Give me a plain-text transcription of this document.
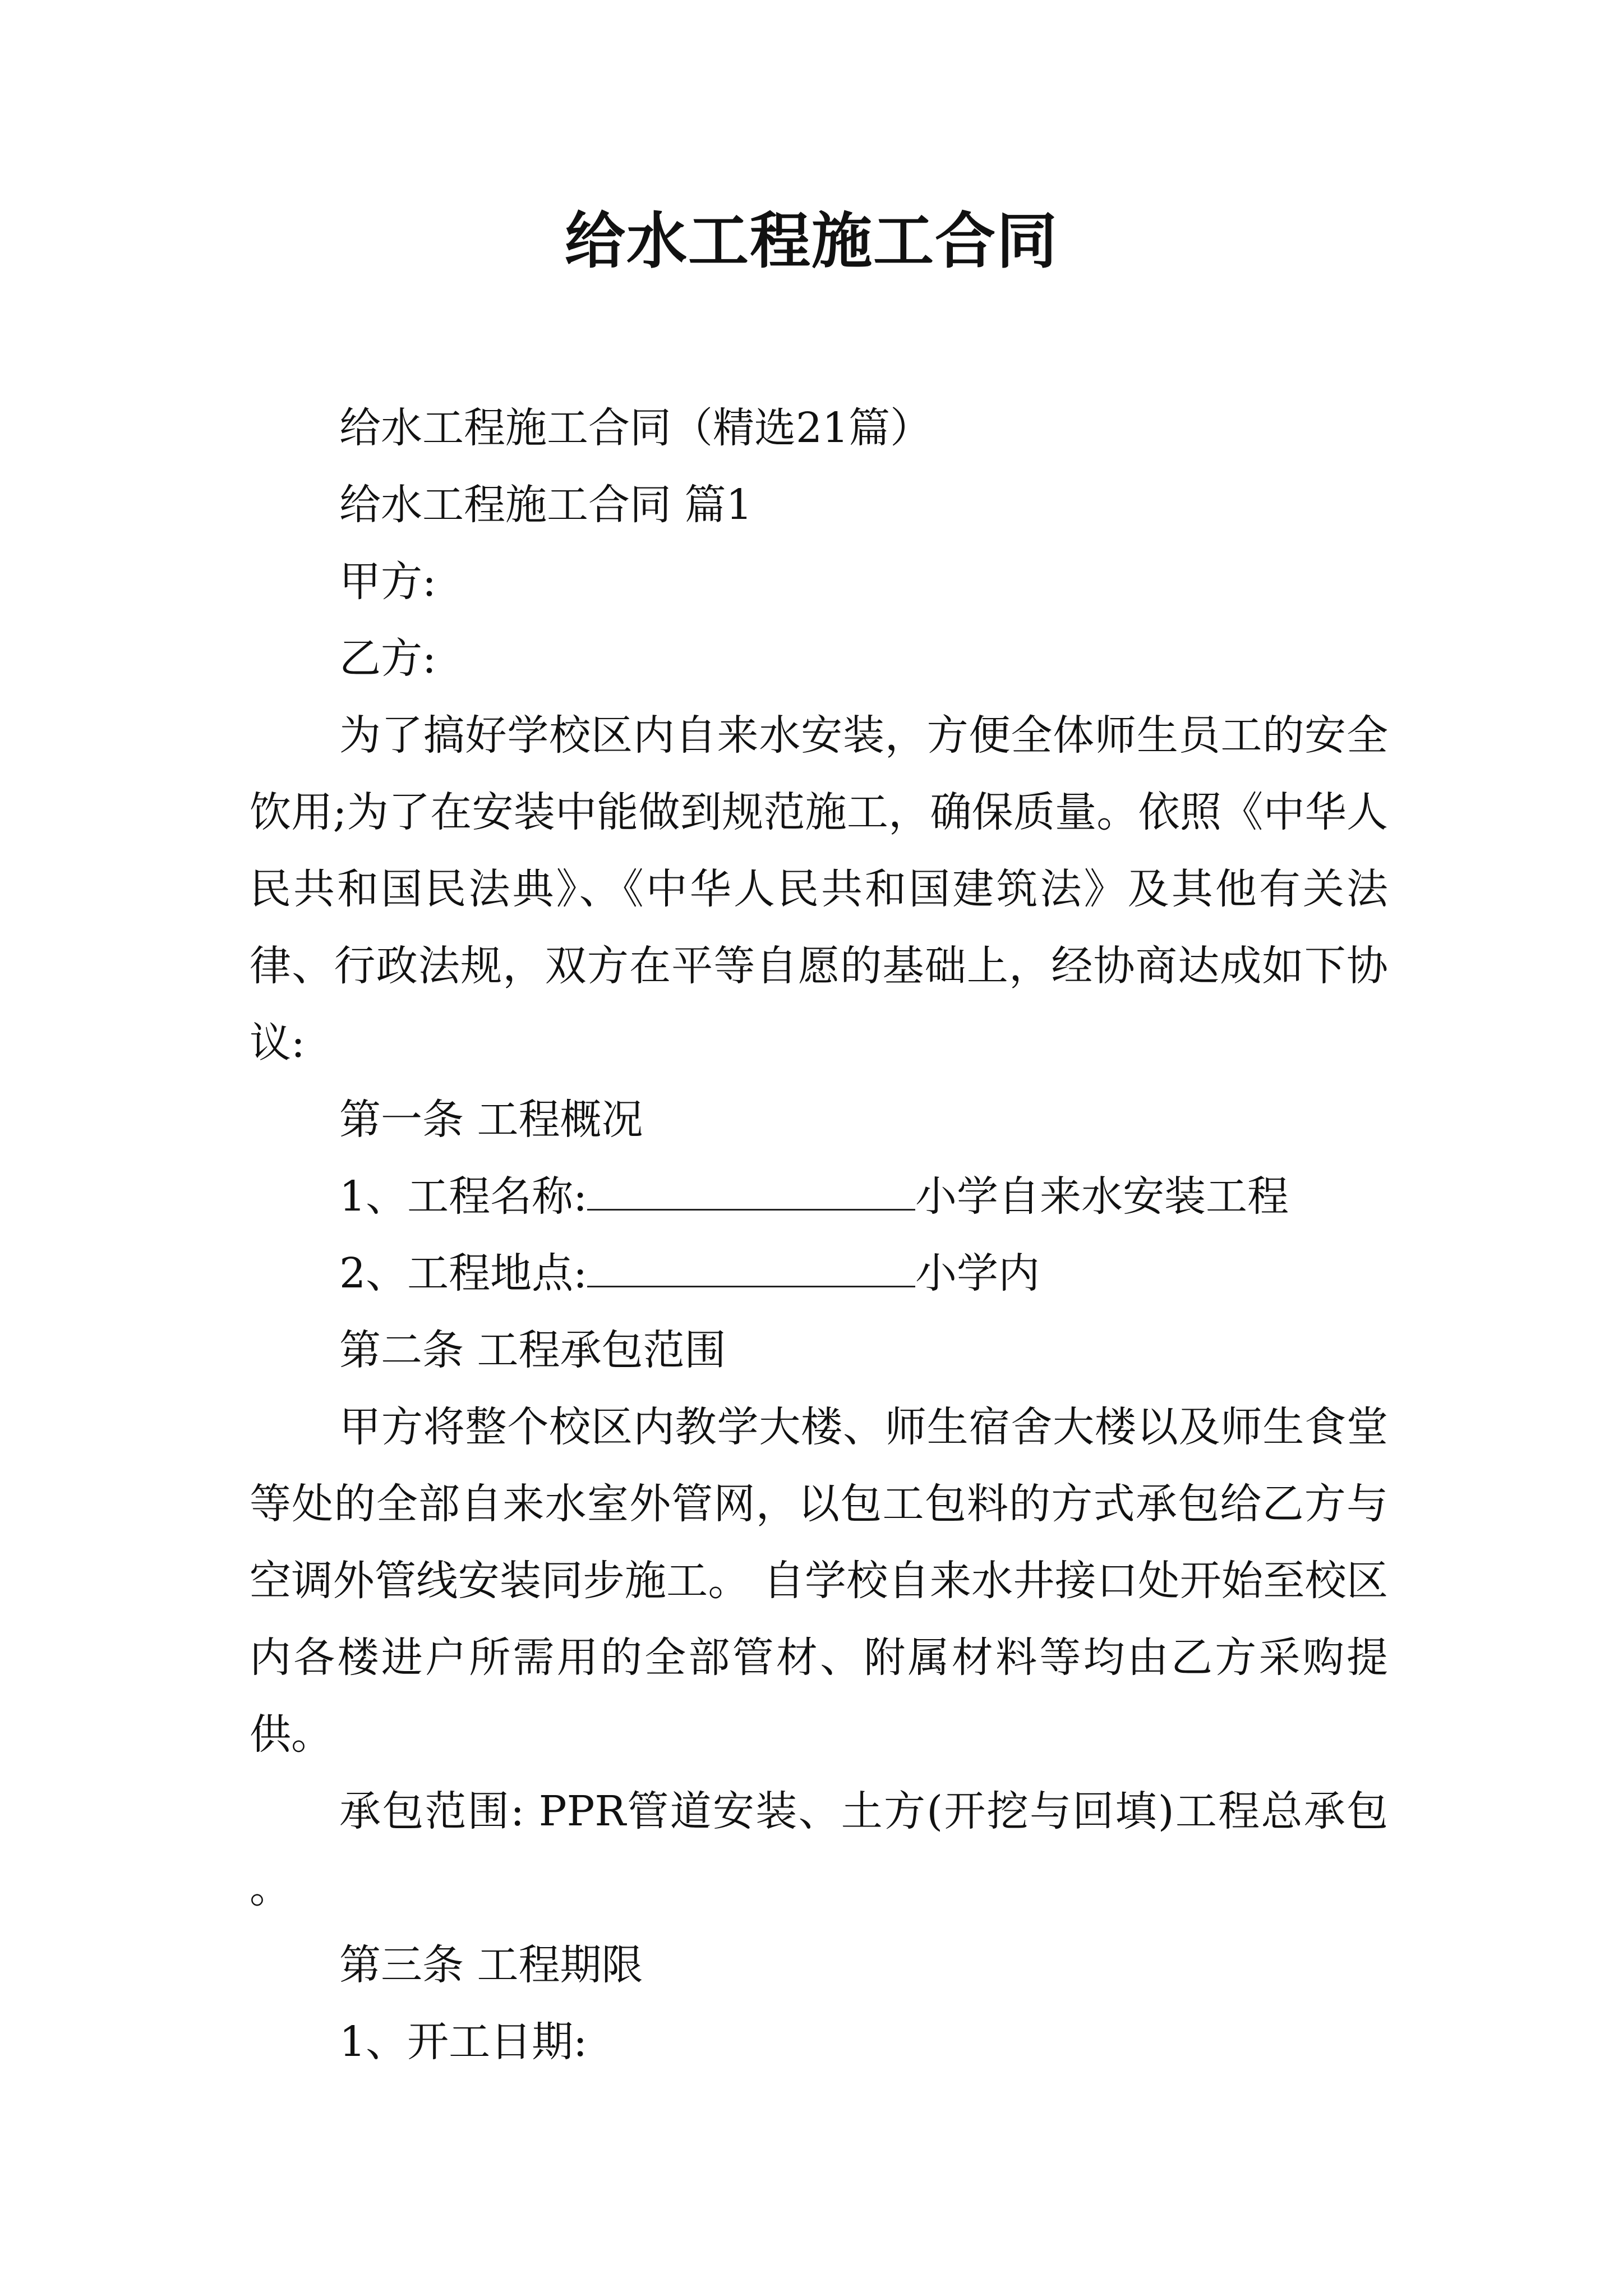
给水工程施工合同

给水工程施工合同（精选21篇）

给水工程施工合同 篇1

甲方:

乙方:

为了搞好学校区内自来水安装，方便全体师生员工的安全饮用;为了在安装中能做到规范施工，确保质量。依照《中华人民共和国民法典》、《中华人民共和国建筑法》及其他有关法律、行政法规，双方在平等自愿的基础上，经协商达成如下协议:

第一条 工程概况

1、工程名称:	小学自来水安装工程

2、工程地点:	小学内

第二条 工程承包范围

甲方将整个校区内教学大楼、师生宿舍大楼以及师生食堂等处的全部自来水室外管网，以包工包料的方式承包给乙方与空调外管线安装同步施工。 自学校自来水井接口处开始至校区内各楼进户所需用的全部管材、附属材料等均由乙方采购提供。

承包范围: PPR管道安装、土方(开挖与回填)工程总承包 。

第三条 工程期限

1、开工日期:
